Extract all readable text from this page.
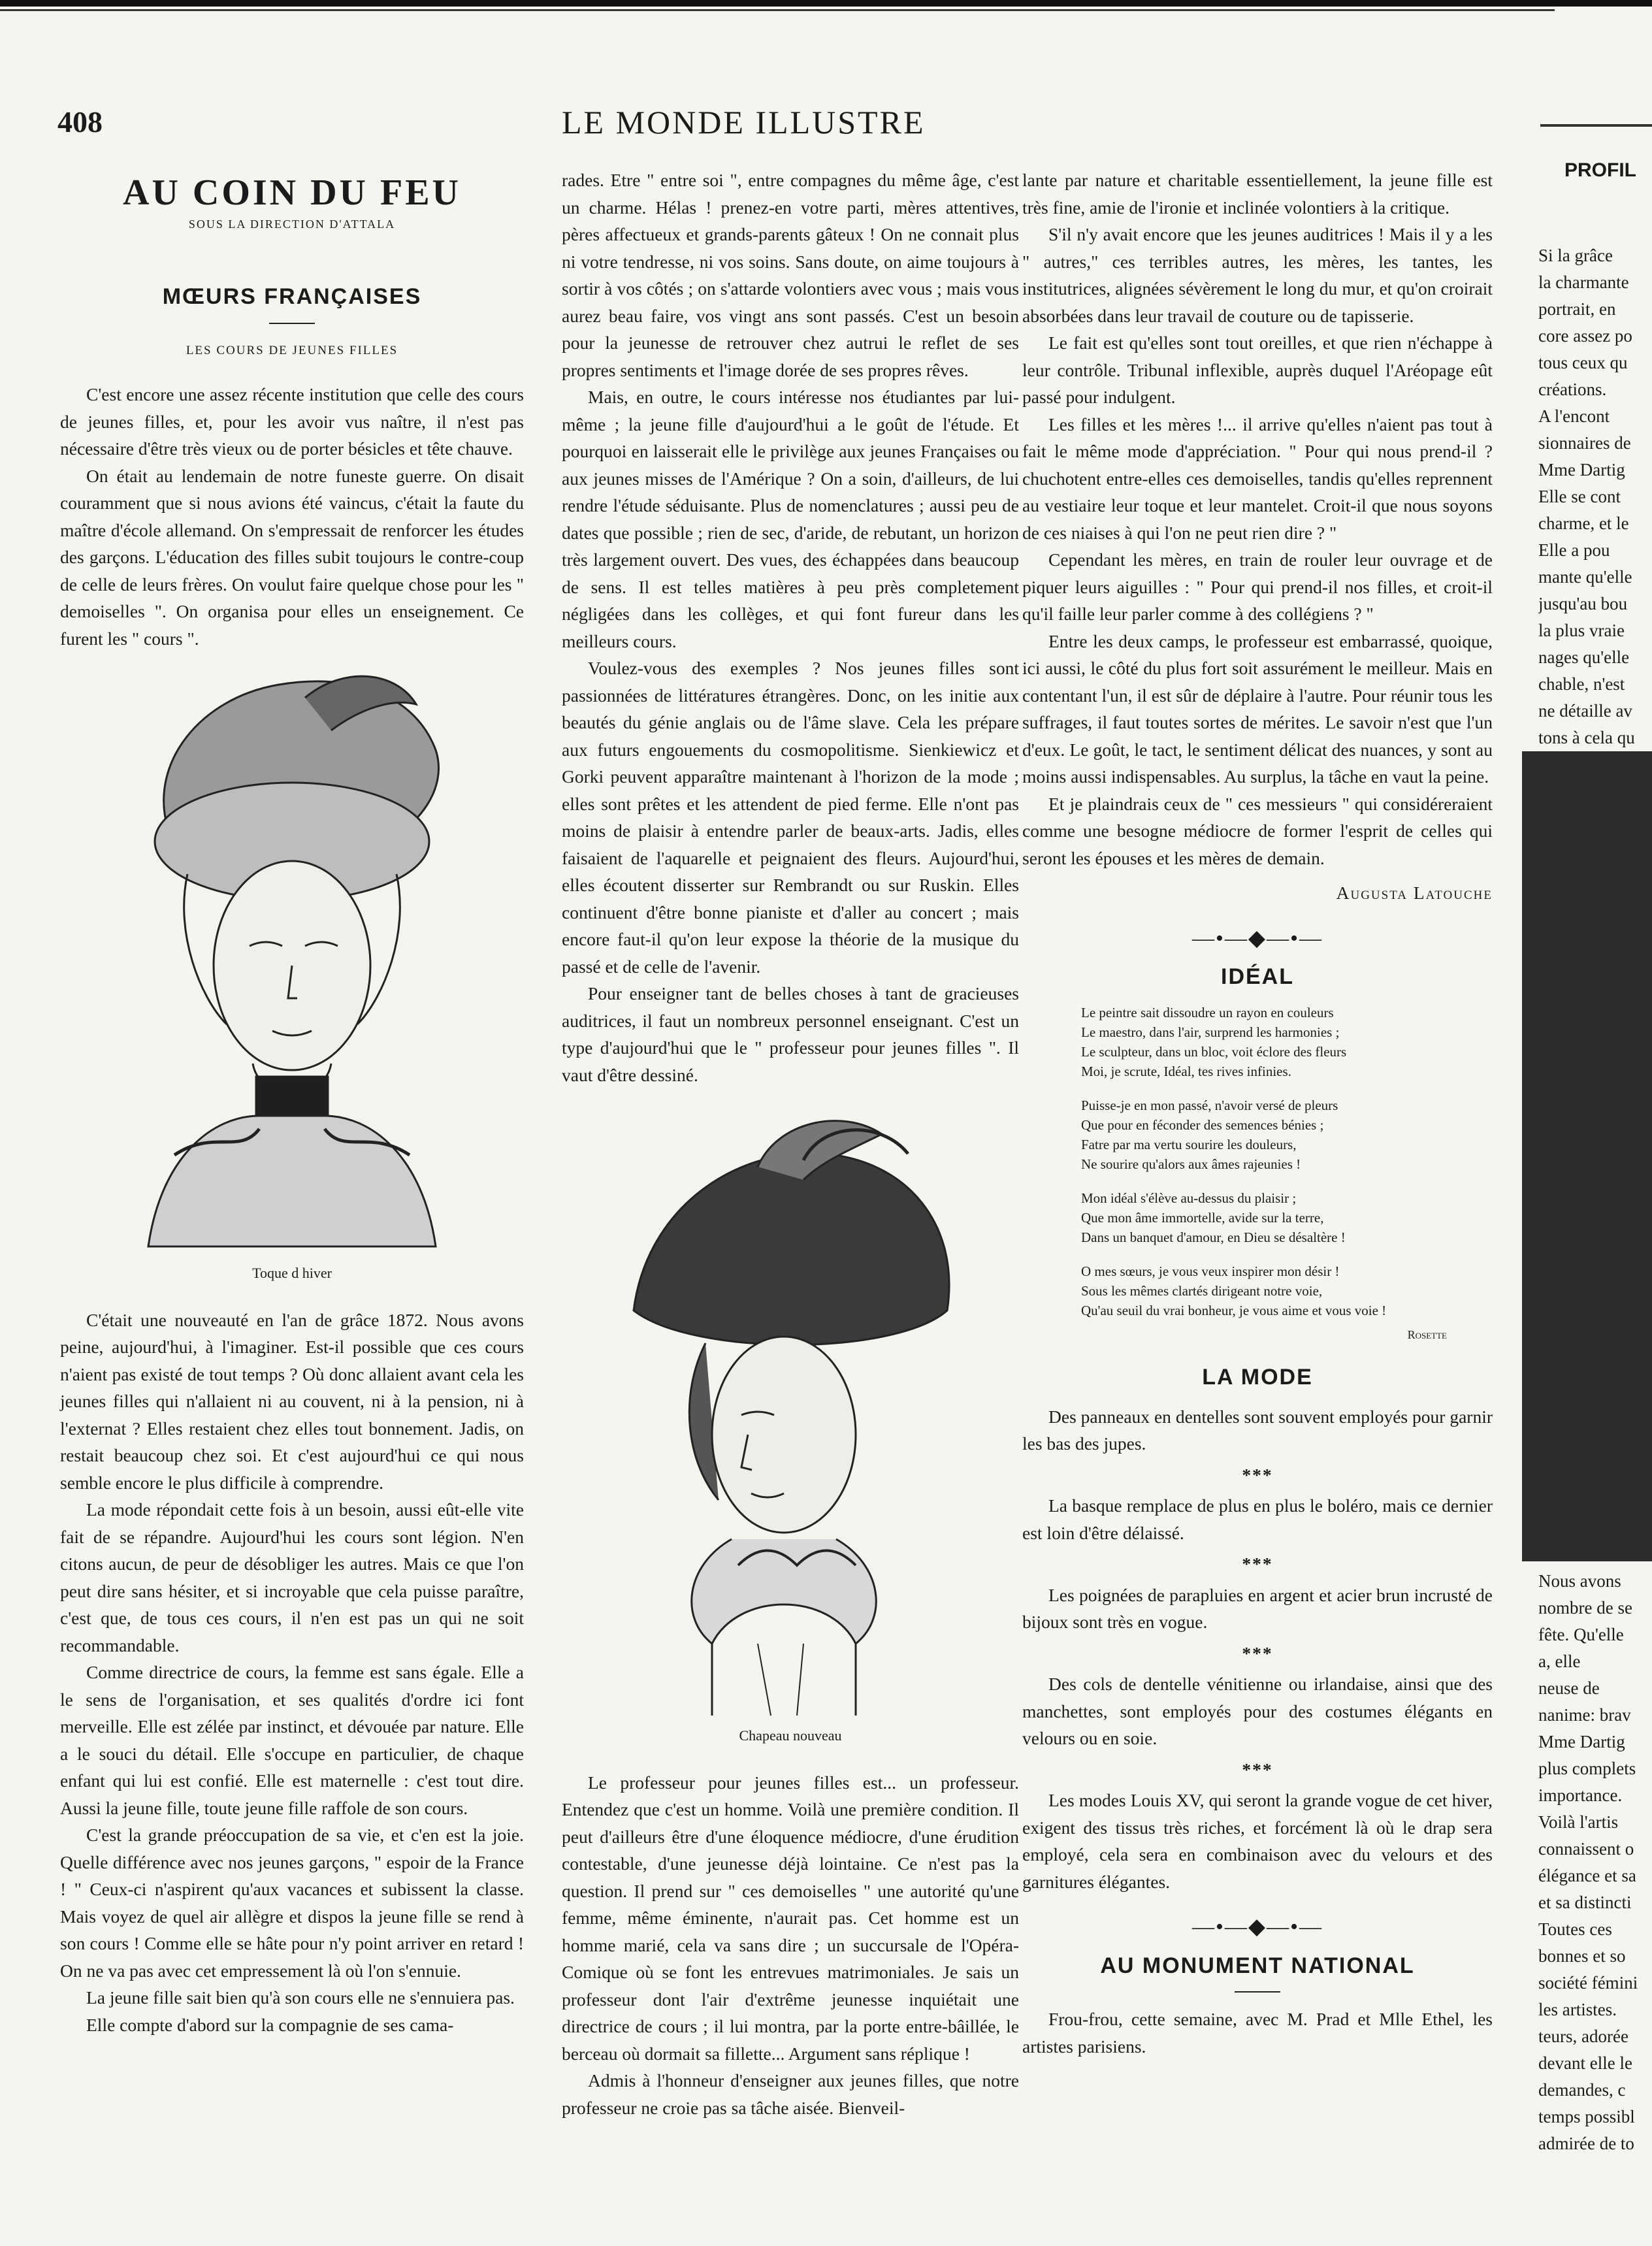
408	LE MONDE ILLUSTRE
AU COIN DU FEU
SOUS LA DIRECTION D'ATTALA
MŒURS FRANÇAISES
LES COURS DE JEUNES FILLES

C'est encore une assez récente institution que celle des cours de jeunes filles, et, pour les avoir vus naître, il n'est pas nécessaire d'être très vieux ou de porter bésicles et tête chauve.

On était au lendemain de notre funeste guerre. On disait couramment que si nous avions été vaincus, c'était la faute du maître d'école allemand. On s'empressait de renforcer les études des garçons. L'éducation des filles subit toujours le contre-coup de celle de leurs frères. On voulut faire quelque chose pour les " demoiselles ". On organisa pour elles un enseignement. Ce furent les " cours ".

Toque d hiver

C'était une nouveauté en l'an de grâce 1872. Nous avons peine, aujourd'hui, à l'imaginer. Est-il possible que ces cours n'aient pas existé de tout temps ? Où donc allaient avant cela les jeunes filles qui n'allaient ni au couvent, ni à la pension, ni à l'externat ? Elles restaient chez elles tout bonnement. Jadis, on restait beaucoup chez soi. Et c'est aujourd'hui ce qui nous semble encore le plus difficile à comprendre.

La mode répondait cette fois à un besoin, aussi eût-elle vite fait de se répandre. Aujourd'hui les cours sont légion. N'en citons aucun, de peur de désobliger les autres. Mais ce que l'on peut dire sans hésiter, et si incroyable que cela puisse paraître, c'est que, de tous ces cours, il n'en est pas un qui ne soit recommandable.

Comme directrice de cours, la femme est sans égale. Elle a le sens de l'organisation, et ses qualités d'ordre ici font merveille. Elle est zélée par instinct, et dévouée par nature. Elle a le souci du détail. Elle s'occupe en particulier, de chaque enfant qui lui est confié. Elle est maternelle : c'est tout dire. Aussi la jeune fille, toute jeune fille raffole de son cours.

C'est la grande préoccupation de sa vie, et c'en est la joie. Quelle différence avec nos jeunes garçons, " espoir de la France ! " Ceux-ci n'aspirent qu'aux vacances et subissent la classe. Mais voyez de quel air allègre et dispos la jeune fille se rend à son cours ! Comme elle se hâte pour n'y point arriver en retard ! On ne va pas avec cet empressement là où l'on s'ennuie.

La jeune fille sait bien qu'à son cours elle ne s'ennuiera pas.

Elle compte d'abord sur la compagnie de ses cama-

rades. Etre " entre soi ", entre compagnes du même âge, c'est un charme. Hélas ! prenez-en votre parti, mères attentives, pères affectueux et grands-parents gâteux ! On ne connait plus ni votre tendresse, ni vos soins. Sans doute, on aime toujours à sortir à vos côtés ; on s'attarde volontiers avec vous ; mais vous aurez beau faire, vos vingt ans sont passés. C'est un besoin pour la jeunesse de retrouver chez autrui le reflet de ses propres sentiments et l'image dorée de ses propres rêves.

Mais, en outre, le cours intéresse nos étudiantes par lui-même ; la jeune fille d'aujourd'hui a le goût de l'étude. Et pourquoi en laisserait elle le privilège aux jeunes Françaises ou aux jeunes misses de l'Amérique ? On a soin, d'ailleurs, de lui rendre l'étude séduisante. Plus de nomenclatures ; aussi peu de dates que possible ; rien de sec, d'aride, de rebutant, un horizon très largement ouvert. Des vues, des échappées dans beaucoup de sens. Il est telles matières à peu près completement négligées dans les collèges, et qui font fureur dans les meilleurs cours.

Voulez-vous des exemples ? Nos jeunes filles sont passionnées de littératures étrangères. Donc, on les initie aux beautés du génie anglais ou de l'âme slave. Cela les prépare aux futurs engouements du cosmopolitisme. Sienkiewicz et Gorki peuvent apparaître maintenant à l'horizon de la mode ; elles sont prêtes et les attendent de pied ferme. Elle n'ont pas moins de plaisir à entendre parler de beaux-arts. Jadis, elles faisaient de l'aquarelle et peignaient des fleurs. Aujourd'hui, elles écoutent disserter sur Rembrandt ou sur Ruskin. Elles continuent d'être bonne pianiste et d'aller au concert ; mais encore faut-il qu'on leur expose la théorie de la musique du passé et de celle de l'avenir.

Pour enseigner tant de belles choses à tant de gracieuses auditrices, il faut un nombreux personnel enseignant. C'est un type d'aujourd'hui que le " professeur pour jeunes filles ". Il vaut d'être dessiné.

Chapeau nouveau

Le professeur pour jeunes filles est... un professeur. Entendez que c'est un homme. Voilà une première condition. Il peut d'ailleurs être d'une éloquence médiocre, d'une érudition contestable, d'une jeunesse déjà lointaine. Ce n'est pas la question. Il prend sur " ces demoiselles " une autorité qu'une femme, même éminente, n'aurait pas. Cet homme est un homme marié, cela va sans dire ; un succursale de l'Opéra-Comique où se font les entrevues matrimoniales. Je sais un professeur dont l'air d'extrême jeunesse inquiétait une directrice de cours ; il lui montra, par la porte entre-bâillée, le berceau où dormait sa fillette... Argument sans réplique !

Admis à l'honneur d'enseigner aux jeunes filles, que notre professeur ne croie pas sa tâche aisée. Bienveil-

lante par nature et charitable essentiellement, la jeune fille est très fine, amie de l'ironie et inclinée volontiers à la critique.

S'il n'y avait encore que les jeunes auditrices ! Mais il y a les " autres," ces terribles autres, les mères, les tantes, les institutrices, alignées sévèrement le long du mur, et qu'on croirait absorbées dans leur travail de couture ou de tapisserie.

Le fait est qu'elles sont tout oreilles, et que rien n'échappe à leur contrôle. Tribunal inflexible, auprès duquel l'Aréopage eût passé pour indulgent.

Les filles et les mères !... il arrive qu'elles n'aient pas tout à fait le même mode d'appréciation. " Pour qui nous prend-il ? chuchotent entre-elles ces demoiselles, tandis qu'elles reprennent au vestiaire leur toque et leur mantelet. Croit-il que nous soyons de ces niaises à qui l'on ne peut rien dire ? "

Cependant les mères, en train de rouler leur ouvrage et de piquer leurs aiguilles : " Pour qui prend-il nos filles, et croit-il qu'il faille leur parler comme à des collégiens ? "

Entre les deux camps, le professeur est embarrassé, quoique, ici aussi, le côté du plus fort soit assurément le meilleur. Mais en contentant l'un, il est sûr de déplaire à l'autre. Pour réunir tous les suffrages, il faut toutes sortes de mérites. Le savoir n'est que l'un d'eux. Le goût, le tact, le sentiment délicat des nuances, y sont au moins aussi indispensables. Au surplus, la tâche en vaut la peine.

Et je plaindrais ceux de " ces messieurs " qui considéreraient comme une besogne médiocre de former l'esprit de celles qui seront les épouses et les mères de demain.

Augusta Latouche
—•—◆—•—
IDÉAL
Le peintre sait dissoudre un rayon en couleurs
Le maestro, dans l'air, surprend les harmonies ;
Le sculpteur, dans un bloc, voit éclore des fleurs
Moi, je scrute, Idéal, tes rives infinies.
Puisse-je en mon passé, n'avoir versé de pleurs
Que pour en féconder des semences bénies ;
Fatre par ma vertu sourire les douleurs,
Ne sourire qu'alors aux âmes rajeunies !
Mon idéal s'élève au-dessus du plaisir ;
Que mon âme immortelle, avide sur la terre,
Dans un banquet d'amour, en Dieu se désaltère !
O mes sœurs, je vous veux inspirer mon désir !
Sous les mêmes clartés dirigeant notre voie,
Qu'au seuil du vrai bonheur, je vous aime et vous voie !
Rosette
LA MODE

Des panneaux en dentelles sont souvent employés pour garnir les bas des jupes.

***

La basque remplace de plus en plus le boléro, mais ce dernier est loin d'être délaissé.

***

Les poignées de parapluies en argent et acier brun incrusté de bijoux sont très en vogue.

***

Des cols de dentelle vénitienne ou irlandaise, ainsi que des manchettes, sont employés pour des costumes élégants en velours ou en soie.

***

Les modes Louis XV, qui seront la grande vogue de cet hiver, exigent des tissus très riches, et forcément là où le drap sera employé, cela sera en combinaison avec du velours et des garnitures élégantes.

—•—◆—•—
AU MONUMENT NATIONAL

Frou-frou, cette semaine, avec M. Prad et Mlle Ethel, les artistes parisiens.

PROFIL

Si la grâce

la charmante

portrait, en

core assez po

tous ceux qu

créations.

A l'encont

sionnaires de

Mme Dartig

Elle se cont

charme, et le

Elle a pou

mante qu'elle

jusqu'au bou

la plus vraie

nages qu'elle

chable, n'est

ne détaille av

tons à cela qu

Nous avons

nombre de se

fête. Qu'elle

a, elle

neuse de

nanime: brav

Mme Dartig

plus complets

importance.

Voilà l'artis

connaissent o

élégance et sa

et sa distincti

Toutes ces

bonnes et so

société fémini

les artistes.

teurs, adorée

devant elle le

demandes, c

temps possibl

admirée de to
